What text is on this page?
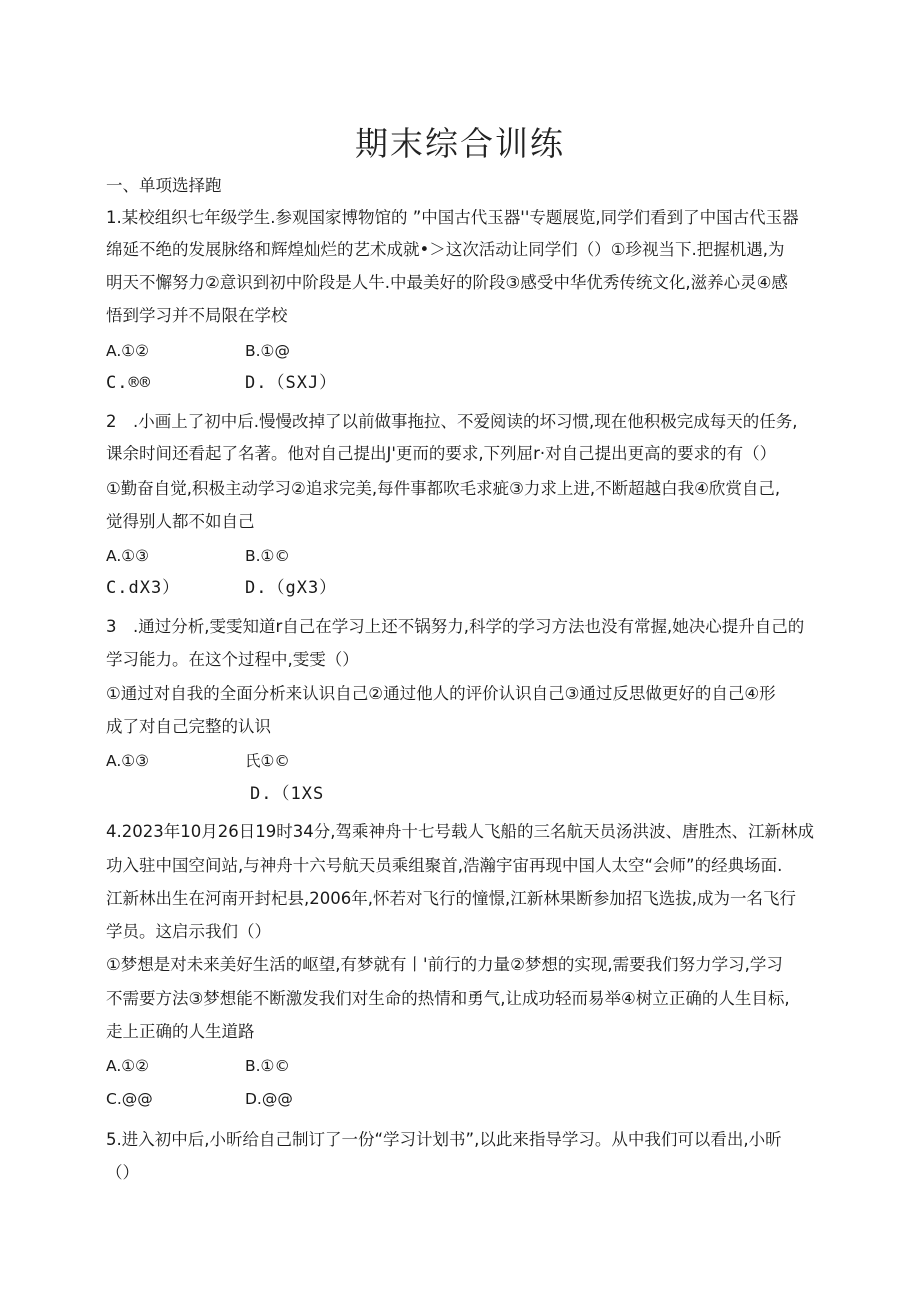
期末综合训练
一、单项选择跑
1.某校组织七年级学生.参观国家博物馆的 ”中国古代玉器''专题展览,同学们看到了中国古代玉器
绵延不绝的发展脉络和辉煌灿烂的艺术成就•＞这次活动让同学们（）①珍视当下.把握机遇,为
明天不懈努力②意识到初中阶段是人牛.中最美好的阶段③感受中华优秀传统文化,滋养心灵④感
悟到学习并不局限在学校
A.①②	B.①@
C.®®	D.（SXJ）
2　.小画上了初中后.慢慢改掉了以前做事拖拉、不爱阅读的坏习惯,现在他积极完成每天的任务,
课余时间还看起了名著。他对自己提出J'更而的要求,下列屈r·对自己提出更高的要求的有（）
①勤奋自觉,积极主动学习②追求完美,每件事都吹毛求疵③力求上进,不断超越白我④欣赏自己,
觉得别人都不如自己
A.①③	B.①©
C.dX3）	D.（gX3）
3　.通过分析,雯雯知道r自己在学习上还不锅努力,科学的学习方法也没有常握,她决心提升自己的
学习能力。在这个过程中,雯雯（）
①通过对自我的全面分析来认识自己②通过他人的评价认识自己③通过反思做更好的自己④形
成了对自己完整的认识
A.①③	氏①©
D.（1XS
4.2023年10月26日19时34分,驾乘神舟十七号载人飞船的三名航天员汤洪波、唐胜杰、江新林成
功入驻中国空间站,与神舟十六号航天员乘组聚首,浩瀚宇宙再现中国人太空“会师”的经典场面.
江新林出生在河南开封杞县,2006年,怀若对飞行的憧憬,江新林果断参加招飞选拔,成为一名飞行
学员。这启示我们（）
①梦想是对未来美好生活的岖望,有梦就有丨'前行的力量②梦想的实现,需要我们努力学习,学习
不需要方法③梦想能不断激发我们对生命的热情和勇气,让成功轻而易举④树立正确的人生目标,
走上正确的人生道路
A.①②	B.①©
C.@@	D.@@
5.进入初中后,小昕给自己制订了一份“学习计划书”,以此来指导学习。从中我们可以看出,小昕
（）
